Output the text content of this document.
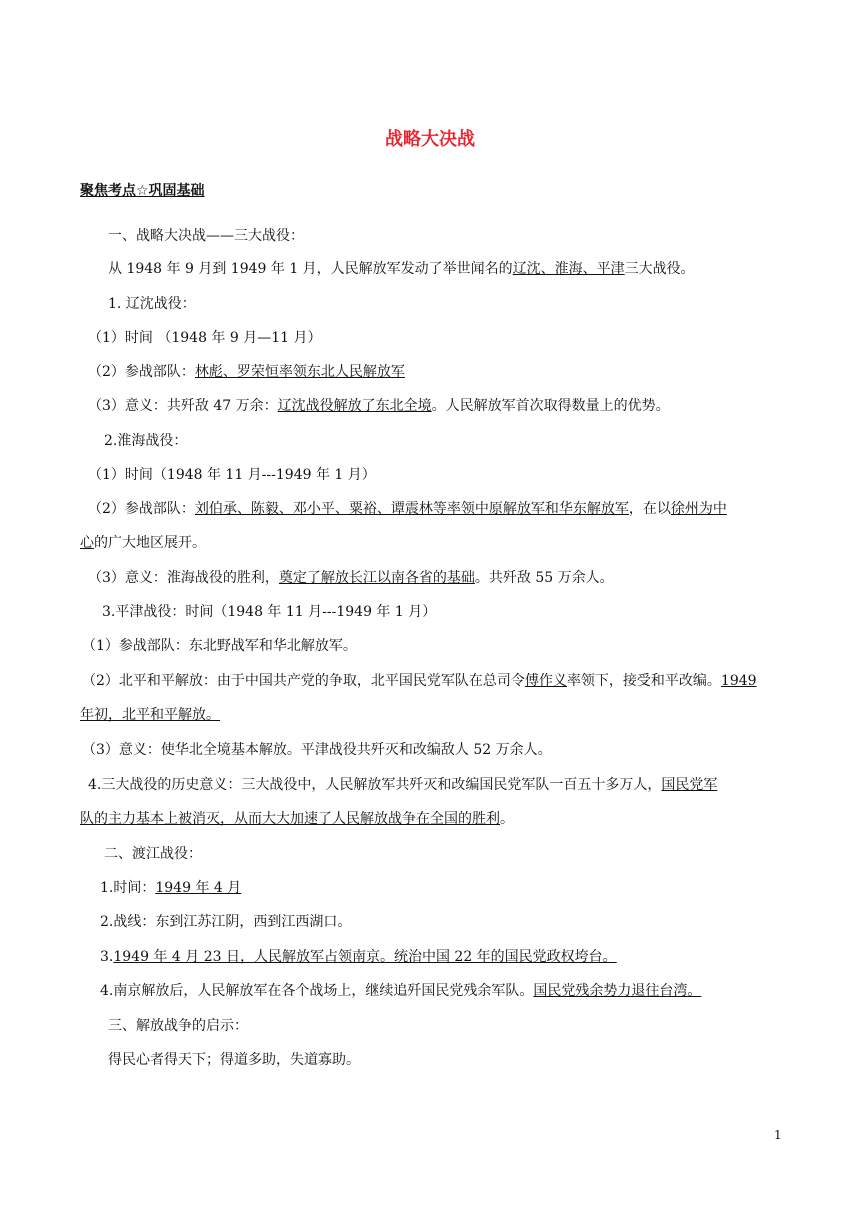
战略大决战
聚焦考点☆巩固基础
一、战略大决战——三大战役：
从 1948 年 9 月到 1949 年 1 月，人民解放军发动了举世闻名的辽沈、淮海、平津三大战役。
1. 辽沈战役：
（1）时间 （1948 年 9 月—11 月）
（2）参战部队：林彪、罗荣恒率领东北人民解放军
（3）意义：共歼敌 47 万余：辽沈战役解放了东北全境。人民解放军首次取得数量上的优势。
2.淮海战役：
（1）时间（1948 年 11 月---1949 年 1 月）
（2）参战部队：刘伯承、陈毅、邓小平、粟裕、谭震林等率领中原解放军和华东解放军，在以徐州为中
心的广大地区展开。
（3）意义：淮海战役的胜利，奠定了解放长江以南各省的基础。共歼敌 55 万余人。
3.平津战役：时间（1948 年 11 月---1949 年 1 月）
（1）参战部队：东北野战军和华北解放军。
（2）北平和平解放：由于中国共产党的争取，北平国民党军队在总司令傅作义率领下，接受和平改编。1949
年初，北平和平解放。
（3）意义：使华北全境基本解放。平津战役共歼灭和改编敌人 52 万余人。
4.三大战役的历史意义：三大战役中，人民解放军共歼灭和改编国民党军队一百五十多万人，国民党军
队的主力基本上被消灭，从而大大加速了人民解放战争在全国的胜利。
二、渡江战役：
1.时间：1949 年 4 月
2.战线：东到江苏江阴，西到江西湖口。
3.1949 年 4 月 23 日，人民解放军占领南京。统治中国 22 年的国民党政权垮台。
4.南京解放后，人民解放军在各个战场上，继续追歼国民党残余军队。国民党残余势力退往台湾。
三、解放战争的启示：
得民心者得天下；得道多助，失道寡助。
1
